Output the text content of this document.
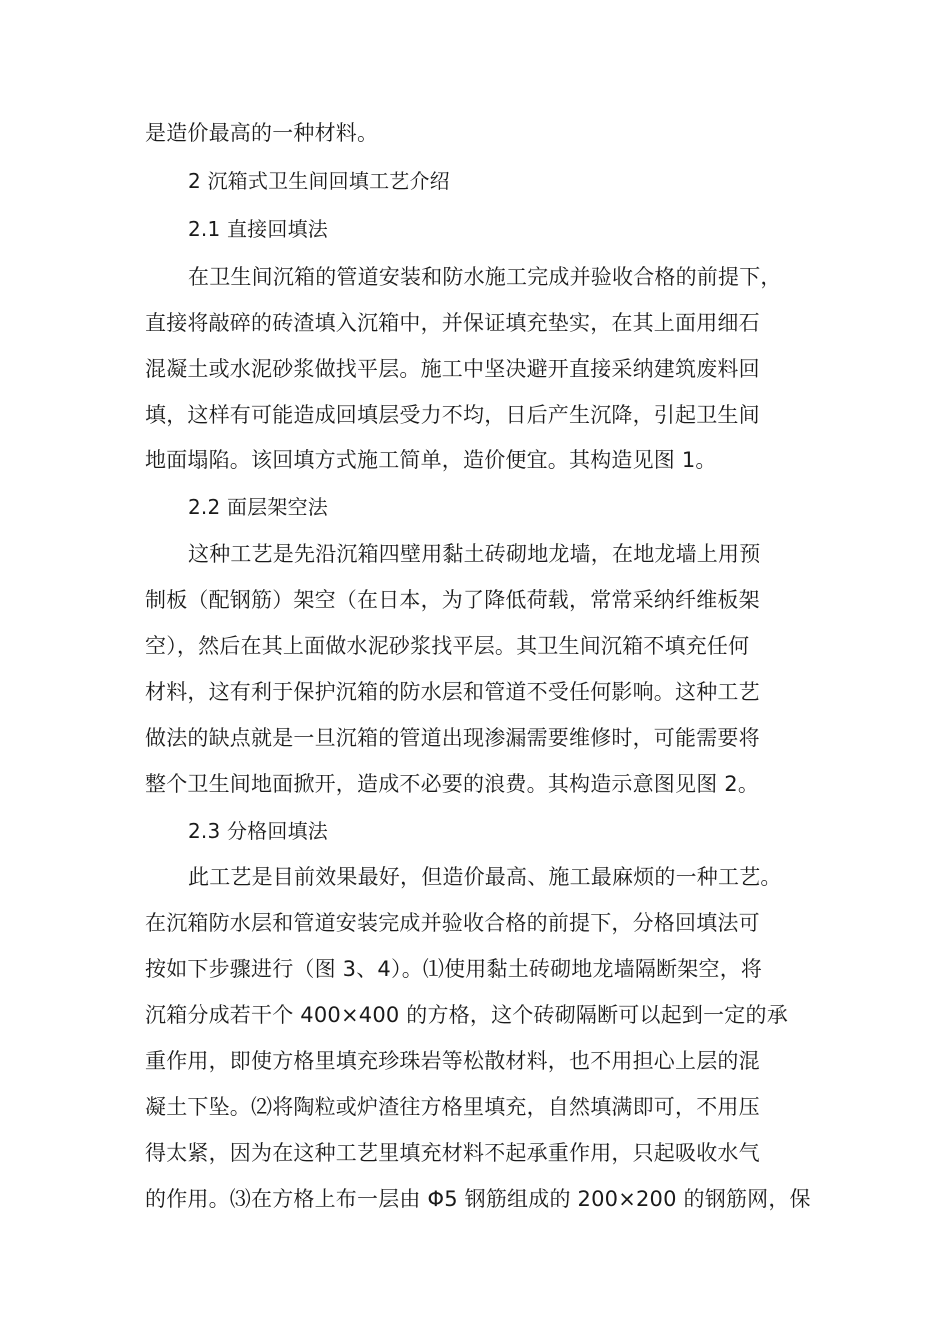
是造价最高的一种材料。
2 沉箱式卫生间回填工艺介绍
2.1 直接回填法
在卫生间沉箱的管道安装和防水施工完成并验收合格的前提下，
直接将敲碎的砖渣填入沉箱中，并保证填充垫实，在其上面用细石
混凝土或水泥砂浆做找平层。施工中坚决避开直接采纳建筑废料回
填，这样有可能造成回填层受力不均，日后产生沉降，引起卫生间
地面塌陷。该回填方式施工简单，造价便宜。其构造见图 1。
2.2 面层架空法
这种工艺是先沿沉箱四壁用黏土砖砌地龙墙，在地龙墙上用预
制板（配钢筋）架空（在日本，为了降低荷载，常常采纳纤维板架
空），然后在其上面做水泥砂浆找平层。其卫生间沉箱不填充任何
材料，这有利于保护沉箱的防水层和管道不受任何影响。这种工艺
做法的缺点就是一旦沉箱的管道出现渗漏需要维修时，可能需要将
整个卫生间地面掀开，造成不必要的浪费。其构造示意图见图 2。
2.3 分格回填法
此工艺是目前效果最好，但造价最高、施工最麻烦的一种工艺。
在沉箱防水层和管道安装完成并验收合格的前提下，分格回填法可
按如下步骤进行（图 3、4）。⑴使用黏土砖砌地龙墙隔断架空，将
沉箱分成若干个 400×400 的方格，这个砖砌隔断可以起到一定的承
重作用，即使方格里填充珍珠岩等松散材料，也不用担心上层的混
凝土下坠。⑵将陶粒或炉渣往方格里填充，自然填满即可，不用压
得太紧，因为在这种工艺里填充材料不起承重作用，只起吸收水气
的作用。⑶在方格上布一层由 Φ5 钢筋组成的 200×200 的钢筋网，保
